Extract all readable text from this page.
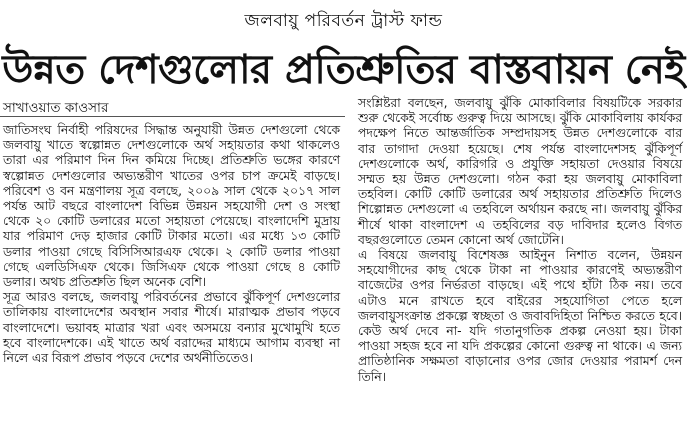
জলবায়ু পরিবর্তন ট্রাস্ট ফান্ড
উন্নত দেশগুলোর প্রতিশ্রুতির বাস্তবায়ন নেই
সাখাওয়াত কাওসার

জাতিসংঘ নির্বাহী পরিষদের সিদ্ধান্ত অনুযায়ী উন্নত দেশগুলো থেকে জলবায়ু খাতে স্বল্পোন্নত দেশগুলোকে অর্থ সহায়তার কথা থাকলেও তারা এর পরিমাণ দিন দিন কমিয়ে দিচ্ছে। প্রতিশ্রুতি ভঙ্গের কারণে স্বল্পোন্নত দেশগুলোর অভ্যন্তরীণ খাতের ওপর চাপ ক্রমেই বাড়ছে। পরিবেশ ও বন মন্ত্রণালয় সূত্র বলছে, ২০০৯ সাল থেকে ২০১৭ সাল পর্যন্ত আট বছরে বাংলাদেশ বিভিন্ন উন্নয়ন সহযোগী দেশ ও সংস্থা থেকে ২০ কোটি ডলারের মতো সহায়তা পেয়েছে। বাংলাদেশি মুদ্রায় যার পরিমাণ দেড় হাজার কোটি টাকার মতো। এর মধ্যে ১৩ কোটি ডলার পাওয়া গেছে বিসিসিআরএফ থেকে। ২ কোটি ডলার পাওয়া গেছে এলডিসিএফ থেকে। জিসিএফ থেকে পাওয়া গেছে ৪ কোটি ডলার। অথচ প্রতিশ্রুতি ছিল অনেক বেশি।

সূত্র আরও বলছে, জলবায়ু পরিবর্তনের প্রভাবে ঝুঁকিপূর্ণ দেশগুলোর তালিকায় বাংলাদেশের অবস্থান সবার শীর্ষে। মারাত্মক প্রভাব পড়বে বাংলাদেশে। ভয়াবহ মাত্রার খরা এবং অসময়ে বন্যার মুখোমুখি হতে হবে বাংলাদেশকে। এই খাতে অর্থ বরাদ্দের মাধ্যমে আগাম ব্যবস্থা না নিলে এর বিরূপ প্রভাব পড়বে দেশের অর্থনীতিতেও।

সংশ্লিষ্টরা বলছেন, জলবায়ু ঝুঁকি মোকাবিলার বিষয়টিকে সরকার শুরু থেকেই সর্বোচ্চ গুরুত্ব দিয়ে আসছে। ঝুঁকি মোকাবিলায় কার্যকর পদক্ষেপ নিতে আন্তর্জাতিক সম্প্রদায়সহ উন্নত দেশগুলোকে বার বার তাগাদা দেওয়া হয়েছে। শেষ পর্যন্ত বাংলাদেশসহ ঝুঁকিপূর্ণ দেশগুলোকে অর্থ, কারিগরি ও প্রযুক্তি সহায়তা দেওয়ার বিষয়ে সম্মত হয় উন্নত দেশগুলো। গঠন করা হয় জলবায়ু মোকাবিলা তহবিল। কোটি কোটি ডলারের অর্থ সহায়তার প্রতিশ্রুতি দিলেও শিল্পোন্নত দেশগুলো এ তহবিলে অর্থায়ন করছে না। জলবায়ু ঝুঁকির শীর্ষে থাকা বাংলাদেশ এ তহবিলের বড় দাবিদার হলেও বিগত বছরগুলোতে তেমন কোনো অর্থ জোটেনি।

এ বিষয়ে জলবায়ু বিশেষজ্ঞ আইনুন নিশাত বলেন, উন্নয়ন সহযোগীদের কাছ থেকে টাকা না পাওয়ার কারণেই অভ্যন্তরীণ বাজেটের ওপর নির্ভরতা বাড়ছে। এই পথে হাঁটা ঠিক নয়। তবে এটাও মনে রাখতে হবে বাইরের সহযোগিতা পেতে হলে জলবায়ুসংক্রান্ত প্রকল্পে স্বচ্ছতা ও জবাবদিহিতা নিশ্চিত করতে হবে। কেউ অর্থ দেবে না- যদি গতানুগতিক প্রকল্প নেওয়া হয়। টাকা পাওয়া সহজ হবে না যদি প্রকল্পের কোনো গুরুত্ব না থাকে। এ জন্য প্রাতিষ্ঠানিক সক্ষমতা বাড়ানোর ওপর জোর দেওয়ার পরামর্শ দেন তিনি।
